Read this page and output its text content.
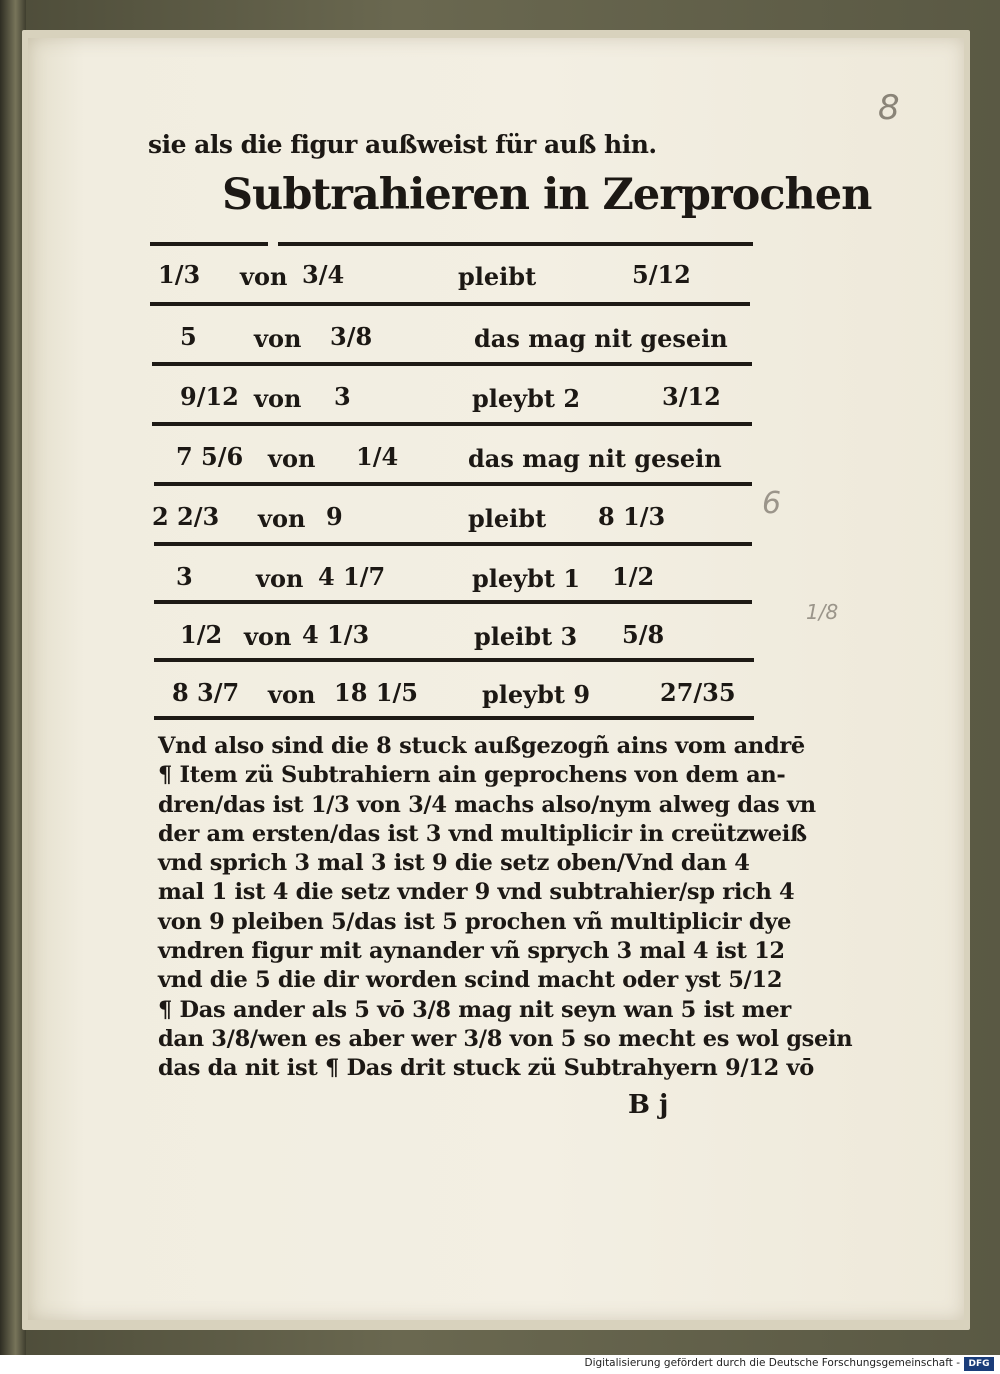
8
6
1/8
sie als die figur außweist für auß hin.
Subtrahieren in Zerprochen
1/3 von 3/4	pleibt	5/12
5 von 3/8	das mag nit gesein
9/12 von 3	pleybt 2	3/12
7 5/6 von 1/4	das mag nit gesein
2 2/3 von 9	pleibt 8 1/3
3	von 4 1/7	pleybt 1 1/2
1/2 von 4 1/3	pleibt 3 5/8
8 3/7 von 18 1/5	pleybt 9	27/35
Vnd also sind die 8 stuck außgezogñ ains vom andrē
¶ Item zü Subtrahiern ain geprochens von dem an-
dren/das ist 1/3 von 3/4 machs also/nym alweg das vn
der am ersten/das ist 3 vnd multiplicir in creützweiß
vnd sprich 3 mal 3 ist 9 die setz oben/Vnd dan 4
mal 1 ist 4 die setz vnder 9 vnd subtrahier/sp rich 4
von 9 pleiben 5/das ist 5 prochen vñ multiplicir dye
vndren figur mit aynander vñ sprych 3 mal 4 ist 12
vnd die 5 die dir worden scind macht oder yst 5/12
¶ Das ander als 5 vō 3/8 mag nit seyn wan 5 ist mer
dan 3/8/wen es aber wer 3/8 von 5 so mecht es wol gsein
das da nit ist ¶ Das drit stuck zü Subtrahyern 9/12 vō
B j
Digitalisierung gefördert durch die Deutsche Forschungsgemeinschaft - DFG
